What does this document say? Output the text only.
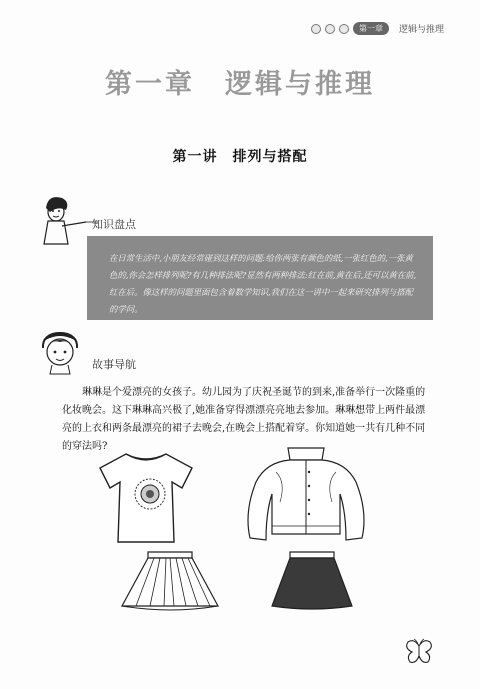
第一章	逻辑与推理
第一章　逻辑与推理
第一讲　排列与搭配
知识盘点
在日常生活中,小朋友经常碰到这样的问题:给你两张有颜色的纸,一张红色的,一张黄色的,你会怎样排列呢?有几种排法呢?显然有两种排法:红在前,黄在后,还可以黄在前,红在后。像这样的问题里面包含着数学知识,我们在这一讲中一起来研究排列与搭配的学问。
故事导航
琳琳是个爱漂亮的女孩子。幼儿园为了庆祝圣诞节的到来,准备举行一次隆重的化妆晚会。这下琳琳高兴极了,她准备穿得漂漂亮亮地去参加。琳琳想带上两件最漂亮的上衣和两条最漂亮的裙子去晚会,在晚会上搭配着穿。你知道她一共有几种不同的穿法吗?
